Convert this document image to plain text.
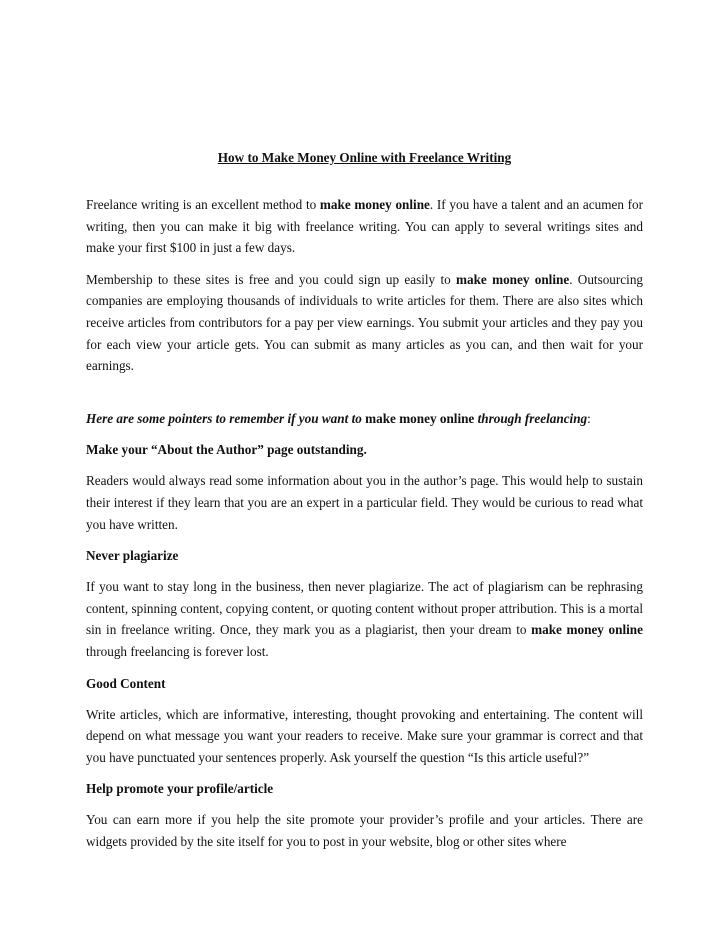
How to Make Money Online with Freelance Writing

Freelance writing is an excellent method to make money online. If you have a talent and an acumen for writing, then you can make it big with freelance writing. You can apply to several writings sites and make your first $100 in just a few days.

Membership to these sites is free and you could sign up easily to make money online. Outsourcing companies are employing thousands of individuals to write articles for them. There are also sites which receive articles from contributors for a pay per view earnings. You submit your articles and they pay you for each view your article gets. You can submit as many articles as you can, and then wait for your earnings.

Here are some pointers to remember if you want to make money online through freelancing:

Make your “About the Author” page outstanding.

Readers would always read some information about you in the author’s page. This would help to sustain their interest if they learn that you are an expert in a particular field. They would be curious to read what you have written.

Never plagiarize

If you want to stay long in the business, then never plagiarize. The act of plagiarism can be rephrasing content, spinning content, copying content, or quoting content without proper attribution. This is a mortal sin in freelance writing. Once, they mark you as a plagiarist, then your dream to make money online through freelancing is forever lost.

Good Content

Write articles, which are informative, interesting, thought provoking and entertaining. The content will depend on what message you want your readers to receive. Make sure your grammar is correct and that you have punctuated your sentences properly. Ask yourself the question “Is this article useful?”

Help promote your profile/article

You can earn more if you help the site promote your provider’s profile and your articles. There are widgets provided by the site itself for you to post in your website, blog or other sites where
